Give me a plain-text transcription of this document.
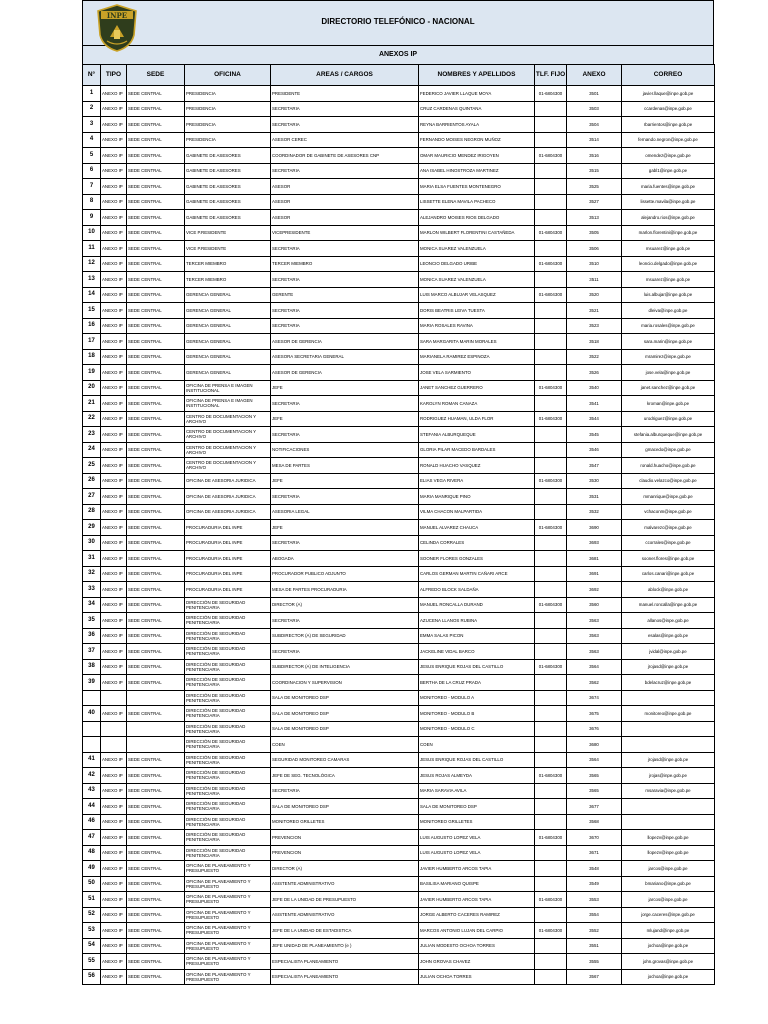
INPE
DIRECTORIO TELEFÓNICO - NACIONAL
ANEXOS IP
N°	TIPO	SEDE	OFICINA	AREAS / CARGOS	NOMBRES Y APELLIDOS	TLF. FIJO	ANEXO	CORREO
1	ANEXO IP	SEDE CENTRAL	PRESIDENCIA	PRESIDENTE	FEDERICO JAVIER LLAQUE MOYA	01-6804300	3501	javier.llaque@inpe.gob.pe
2	ANEXO IP	SEDE CENTRAL	PRESIDENCIA	SECRETARIA	CRUZ CARDENAS QUINTANA		3503	ccardenas@inpe.gob.pe
3	ANEXO IP	SEDE CENTRAL	PRESIDENCIA	SECRETARIA	REYNA BARRIENTOS AYALA		3504	rbarrientos@inpe.gob.pe
4	ANEXO IP	SEDE CENTRAL	PRESIDENCIA	ASESOR CEREC	FERNANDO MOISES NEGRON MUÑOZ		3514	fernando.negron@inpe.gob.pe
5	ANEXO IP	SEDE CENTRAL	GABINETE DE ASESORES	COORDINADOR DE GABINETE DE ASESORES CNP	OMAR MAURICIO MENDEZ IRIGOYEN	01-6804300	3516	omendez@inpe.gob.pe
6	ANEXO IP	SEDE CENTRAL	GABINETE DE ASESORES	SECRETARIA	ANA ISABEL HINOSTROZA MARTINEZ		3515	gabl1@inpe.gob.pe
7	ANEXO IP	SEDE CENTRAL	GABINETE DE ASESORES	ASESOR	MARIA ELSA FUENTES MONTENEGRO		3525	maria.fuentes@inpe.gob.pe
8	ANEXO IP	SEDE CENTRAL	GABINETE DE ASESORES	ASESOR	LISSETTE ELENA MAVILA PACHECO		3527	lissette.mavila@inpe.gob.pe
9	ANEXO IP	SEDE CENTRAL	GABINETE DE ASESORES	ASESOR	ALEJANDRO MOISES RIOS DELGADO		3513	alejandro.rios@inpe.gob.pe
10	ANEXO IP	SEDE CENTRAL	VICE P.RESIDENTE	VICEPRESIDENTE	MARLON WILBERT FLORENTINI CASTAÑEDA	01-6804300	3505	marlon.florentini@inpe.gob.pe
11	ANEXO IP	SEDE CENTRAL	VICE P.RESIDENTE	SECRETARIA	MONICA SUAREZ VALENZUELA		3506	msuarez@inpe.gob.pe
12	ANEXO IP	SEDE CENTRAL	TERCER MIEMBRO	TERCER MIEMBRO	LEONCIO DELGADO URIBE	01-6804300	3510	leoncio.delgado@inpe.gob.pe
13	ANEXO IP	SEDE CENTRAL	TERCER MIEMBRO	SECRETARIA	MONICA SUAREZ VALENZUELA		3511	msuarez@inpe.gob.pe
14	ANEXO IP	SEDE CENTRAL	GERENCIA GENERAL	GERENTE	LUIS MARCO ALBUJAR VELASQUEZ	01-6804300	3520	luis.albujar@inpe.gob.pe
15	ANEXO IP	SEDE CENTRAL	GERENCIA GENERAL	SECRETARIA	DORIS BEATRIS LEIVA TUESTA		3521	dleiva@inpe.gob.pe
16	ANEXO IP	SEDE CENTRAL	GERENCIA GENERAL	SECRETARIA	MARIA ROSALES RAVINA		3523	maria.rosales@inpe.gob.pe
17	ANEXO IP	SEDE CENTRAL	GERENCIA GENERAL	ASESOR DE GERENCIA	SARA MARGARITA MARIN MORALES		3518	sara.marin@inpe.gob.pe
18	ANEXO IP	SEDE CENTRAL	GERENCIA GENERAL	ASESORA SECRETARIA GENERAL	MARIANELA RAMIREZ ESPINOZA		3522	mramirez@inpe.gob.pe
19	ANEXO IP	SEDE CENTRAL	GERENCIA GENERAL	ASESOR DE GERENCIA	JOSE VELA SARMIENTO		3526	jose.vela@inpe.gob.pe
20	ANEXO IP	SEDE CENTRAL	OFICINA DE PRENSA E IMAGEN INSTITUCIONAL	JEFE	JANET SANCHEZ GUERRERO	01-6804300	3540	janet.sanchez@inpe.gob.pe
21	ANEXO IP	SEDE CENTRAL	OFICINA DE PRENSA E IMAGEN INSTITUCIONAL	SECRETARIA	KAROLYN ROMAN CANAZA		3541	kroman@inpe.gob.pe
22	ANEXO IP	SEDE CENTRAL	CENTRO DE DOCUMENTACION Y ARCHIVO	JEFE	RODRIGUEZ HUAMAN, ULDA FLOR	01-6804300	3544	urodriguez@inpe.gob.pe
23	ANEXO IP	SEDE CENTRAL	CENTRO DE DOCUMENTACION Y ARCHIVO	SECRETARIA	STEFANIA ALBURQUEQUE		3545	stefania.alburqueque@inpe.gob.pe
24	ANEXO IP	SEDE CENTRAL	CENTRO DE DOCUMENTACION Y ARCHIVO	NOTIFICACIONES	GLORIA PILAR MACEDO BARDALES		3546	gmacedo@inpe.gob.pe
25	ANEXO IP	SEDE CENTRAL	CENTRO DE DOCUMENTACION Y ARCHIVO	MESA DE PARTES	RONALD HUACHO VASQUEZ		3547	ronald.huacho@inpe.gob.pe
26	ANEXO IP	SEDE CENTRAL	OFICINA DE ASESORIA JURIDICA	JEFE	ELIAS VEGA RIVERA	01-6804300	3530	claudio.velazco@inpe.gob.pe
27	ANEXO IP	SEDE CENTRAL	OFICINA DE ASESORIA JURIDICA	SECRETARIA	MARIA MANRIQUE PINO		3531	mmanrique@inpe.gob.pe
28	ANEXO IP	SEDE CENTRAL	OFICINA DE ASESORIA JURIDICA	ASESORIA LEGAL	VILMA CHACON MALPARTIDA		3532	vchaconm@inpe.gob.pe
29	ANEXO IP	SEDE CENTRAL	PROCURADURIA DEL INPE	JEFE	MANUEL ALVAREZ CHAUCA	01-6804300	3690	malvarezc@inpe.gob.pe
30	ANEXO IP	SEDE CENTRAL	PROCURADURIA DEL INPE	SECRETARIA	CELINDA CORRALES		3693	ccorrales@inpe.gob.pe
31	ANEXO IP	SEDE CENTRAL	PROCURADURIA DEL INPE	ABOGADA	SOONER FLORES GONZALES		3681	sooner.flores@inpe.gob.pe
32	ANEXO IP	SEDE CENTRAL	PROCURADURIA DEL INPE	PROCURADOR PUBLICO ADJUNTO	CARLOS GERMAN MARTIN CAÑARI ARCE		3691	carlos.canari@inpe.gob.pe
33	ANEXO IP	SEDE CENTRAL	PROCURADURIA DEL INPE	MESA DE PARTES PROCURADURIA	ALFREDO BLOCK SALDAÑA		3692	ablock@inpe.gob.pe
34	ANEXO IP	SEDE CENTRAL	DIRECCIÓN DE SEGURIDAD PENITENCIARIA	DIRECTOR (A)	MANUEL RONCALLA DURAND	01-6804300	3560	manuel.roncalla@inpe.gob.pe
35	ANEXO IP	SEDE CENTRAL	DIRECCIÓN DE SEGURIDAD PENITENCIARIA	SECRETARIA	AZUCENA LLANOS RUBINA		3563	allanos@inpe.gob.pe
36	ANEXO IP	SEDE CENTRAL	DIRECCIÓN DE SEGURIDAD PENITENCIARIA	SUBDIRECTOR (A) DE SEGURIDAD	EMMA SALAS PICON		3563	esalas@inpe.gob.pe
37	ANEXO IP	SEDE CENTRAL	DIRECCIÓN DE SEGURIDAD PENITENCIARIA	SECRETARIA	JACKELINE VIDAL BARCO		3563	jvidal@inpe.gob.pe
38	ANEXO IP	SEDE CENTRAL	DIRECCIÓN DE SEGURIDAD PENITENCIARIA	SUBDIRECTOR (A) DE INTELIGENCIA	JESUS ENRIQUE ROJAS DEL CASTILLO	01-6804300	3564	jrojasd@inpe.gob.pe
39	ANEXO IP	SEDE CENTRAL	DIRECCIÓN DE SEGURIDAD PENITENCIARIA	COORDINACION Y SUPERVISION	BERTHA DE LA CRUZ PRADA		3562	bdelacruz@inpe.gob.pe
			DIRECCIÓN DE SEGURIDAD PENITENCIARIA	SALA DE MONITOREO DSP	MONITOREO - MODULO A		3674	
40	ANEXO IP	SEDE CENTRAL	DIRECCIÓN DE SEGURIDAD PENITENCIARIA	SALA DE MONITOREO DSP	MONITOREO - MODULO B		3675	monitoreo@inpe.gob.pe
			DIRECCIÓN DE SEGURIDAD PENITENCIARIA	SALA DE MONITOREO DSP	MONITOREO - MODULO C		3676	
			DIRECCIÓN DE SEGURIDAD PENITENCIARIA	COEN	COEN		3680	
41	ANEXO IP	SEDE CENTRAL	DIRECCIÓN DE SEGURIDAD PENITENCIARIA	SEGURIDAD MONITOREO CAMARAS	JESUS ENRIQUE ROJAS DEL CASTILLO		3564	jrojasd@inpe.gob.pe
42	ANEXO IP	SEDE CENTRAL	DIRECCIÓN DE SEGURIDAD PENITENCIARIA	JEFE DE SEG. TECNOLÓGICA	JESUS ROJAS ALMEYDA	01-6804300	3565	jrojas@inpe.gob.pe
43	ANEXO IP	SEDE CENTRAL	DIRECCIÓN DE SEGURIDAD PENITENCIARIA	SECRETARIA	MARIA SARAVIA AVILA		3565	msaravia@inpe.gob.pe
44	ANEXO IP	SEDE CENTRAL	DIRECCIÓN DE SEGURIDAD PENITENCIARIA	SALA DE MONITOREO DSP	SALA DE MONITOREO DSP		3677	
46	ANEXO IP	SEDE CENTRAL	DIRECCIÓN DE SEGURIDAD PENITENCIARIA	MONITOREO GRILLETES	MONITOREO GRILLETES		3568	
47	ANEXO IP	SEDE CENTRAL	DIRECCIÓN DE SEGURIDAD PENITENCIARIA	PREVENCION	LUIS AUGUSTO LOPEZ VELA	01-6804300	3670	llopezv@inpe.gob.pe
48	ANEXO IP	SEDE CENTRAL	DIRECCIÓN DE SEGURIDAD PENITENCIARIA	PREVENCION	LUIS AUGUSTO LOPEZ VELA		3671	llopezv@inpe.gob.pe
49	ANEXO IP	SEDE CENTRAL	OFICINA DE PLANEAMIENTO Y PRESUPUESTO	DIRECTOR (A)	JAVIER HUMBERTO ARCOS TAPIA		3548	jarcos@inpe.gob.pe
50	ANEXO IP	SEDE CENTRAL	OFICINA DE PLANEAMIENTO Y PRESUPUESTO	ASISTENTE ADMINISTRATIVO	BASILISA MARIANO QUISPE		3549	bmariano@inpe.gob.pe
51	ANEXO IP	SEDE CENTRAL	OFICINA DE PLANEAMIENTO Y PRESUPUESTO	JEFE DE LA UNIDAD DE PRESUPUESTO	JAVIER HUMBERTO ARCOS TAPIA	01-6804300	3553	jarcos@inpe.gob.pe
52	ANEXO IP	SEDE CENTRAL	OFICINA DE PLANEAMIENTO Y PRESUPUESTO	ASISTENTE ADMINISTRATIVO	JORGE ALBERTO CACERES RAMIREZ		3554	jorge.caceres@inpe.gob.pe
53	ANEXO IP	SEDE CENTRAL	OFICINA DE PLANEAMIENTO Y PRESUPUESTO	JEFE DE LA UNIDAD DE ESTADISTICA	MARCOS ANTONIO LUJAN DEL CARPIO	01-6804300	3552	mlujand@inpe.gob.pe
54	ANEXO IP	SEDE CENTRAL	OFICINA DE PLANEAMIENTO Y PRESUPUESTO	JEFE UNIDAD DE PLANEAMIENTO (e )	JULIAN MODESTO OCHOA TORRES		3551	jochoa@inpe.gob.pe
55	ANEXO IP	SEDE CENTRAL	OFICINA DE PLANEAMIENTO Y PRESUPUESTO	ESPECIALISTA PLANEAMIENTO	JOHN GROVAS CHAVEZ		3555	john.grovas@inpe.gob.pe
56	ANEXO IP	SEDE CENTRAL	OFICINA DE PLANEAMIENTO Y PRESUPUESTO	ESPECIALISTA PLANEAMIENTO	JULIAN OCHOA TORRES		3567	jochoa@inpe.gob.pe
